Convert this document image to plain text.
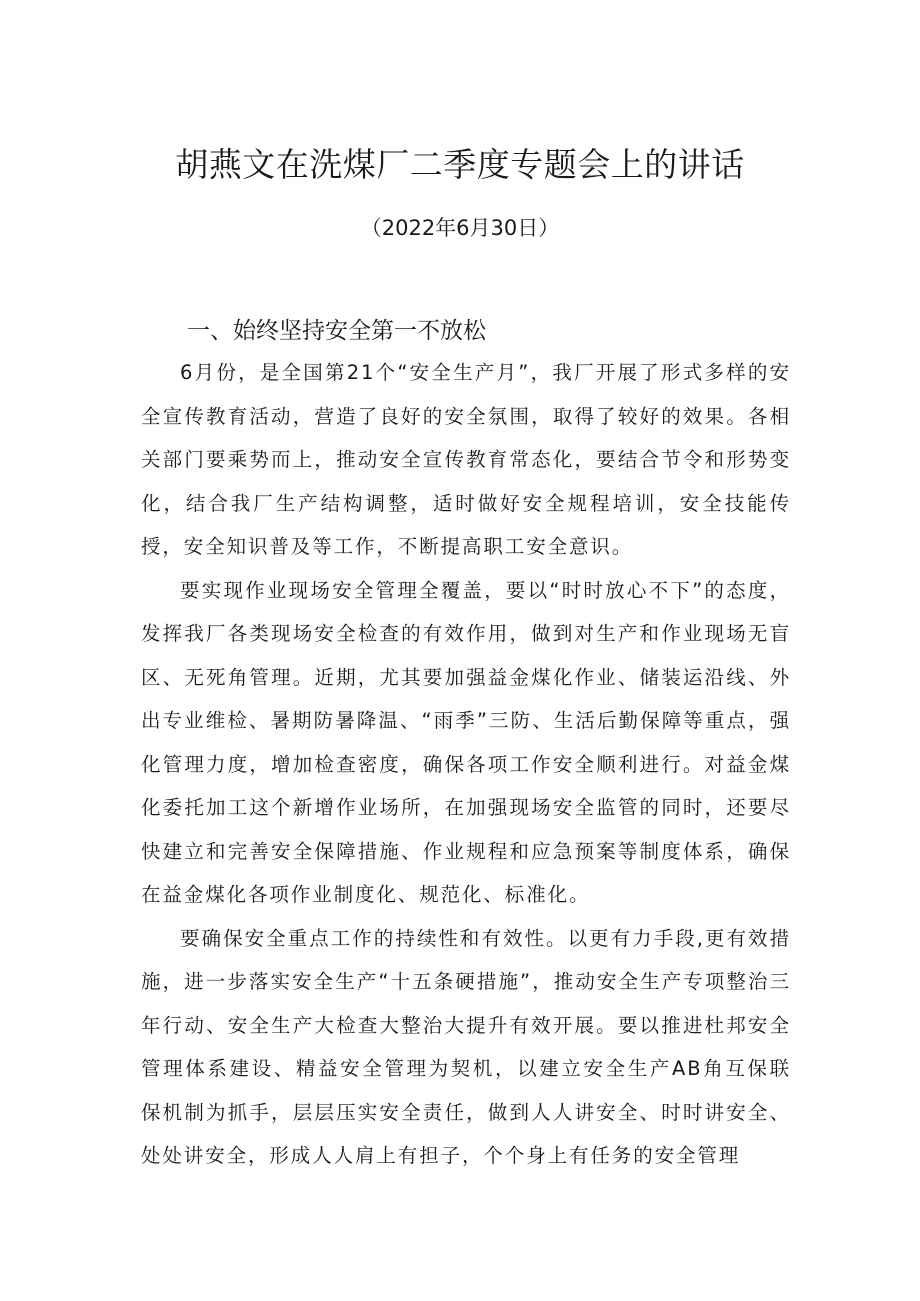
胡燕文在洗煤厂二季度专题会上的讲话

（2022年6月30日）

一、始终坚持安全第一不放松

6月份，是全国第21个“安全生产月”，我厂开展了形式多样的安全宣传教育活动，营造了良好的安全氛围，取得了较好的效果。各相关部门要乘势而上，推动安全宣传教育常态化，要结合节令和形势变化，结合我厂生产结构调整，适时做好安全规程培训，安全技能传授，安全知识普及等工作，不断提高职工安全意识。

要实现作业现场安全管理全覆盖，要以“时时放心不下”的态度，发挥我厂各类现场安全检查的有效作用，做到对生产和作业现场无盲区、无死角管理。近期，尤其要加强益金煤化作业、储装运沿线、外出专业维检、暑期防暑降温、“雨季”三防、生活后勤保障等重点，强化管理力度，增加检查密度，确保各项工作安全顺利进行。对益金煤化委托加工这个新增作业场所，在加强现场安全监管的同时，还要尽快建立和完善安全保障措施、作业规程和应急预案等制度体系，确保在益金煤化各项作业制度化、规范化、标准化。

要确保安全重点工作的持续性和有效性。以更有力手段,更有效措施，进一步落实安全生产“十五条硬措施”，推动安全生产专项整治三年行动、安全生产大检查大整治大提升有效开展。要以推进杜邦安全管理体系建设、精益安全管理为契机，以建立安全生产AB角互保联保机制为抓手，层层压实安全责任，做到人人讲安全、时时讲安全、处处讲安全，形成人人肩上有担子，个个身上有任务的安全管理
